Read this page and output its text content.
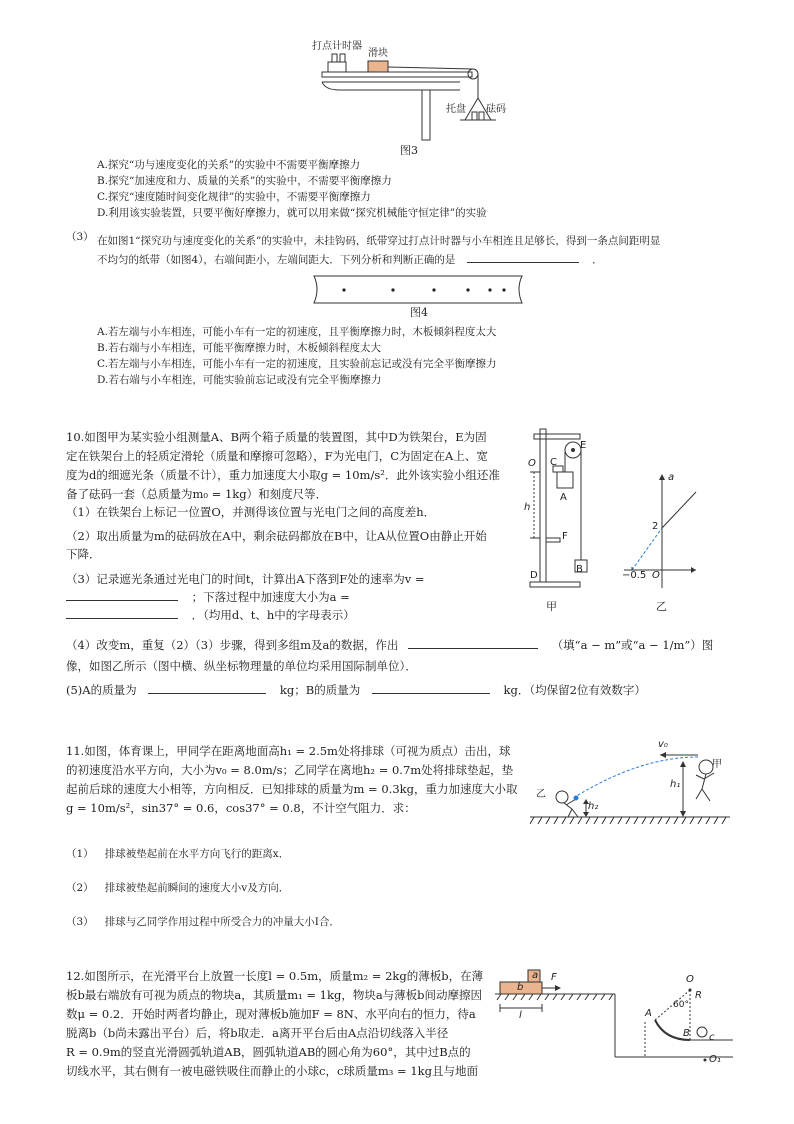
打点计时器
滑块
托盘 砝码
图3
A.探究“功与速度变化的关系”的实验中不需要平衡摩擦力
B.探究“加速度和力、质量的关系”的实验中，不需要平衡摩擦力
C.探究“速度随时间变化规律”的实验中，不需要平衡摩擦力
D.利用该实验装置，只要平衡好摩擦力，就可以用来做“探究机械能守恒定律”的实验
（3） 在如图1“探究功与速度变化的关系”的实验中，未挂钩码，纸带穿过打点计时器与小车相连且足够长，得到一条点间距明显
不均匀的纸带（如图4），右端间距小，左端间距大．下列分析和判断正确的是	．
图4
A.若左端与小车相连，可能小车有一定的初速度，且平衡摩擦力时，木板倾斜程度太大
B.若右端与小车相连，可能平衡摩擦力时，木板倾斜程度太大
C.若左端与小车相连，可能小车有一定的初速度，且实验前忘记或没有完全平衡摩擦力
D.若右端与小车相连，可能实验前忘记或没有完全平衡摩擦力
10.如图甲为某实验小组测量A、B两个箱子质量的装置图，其中D为铁架台，E为固
定在铁架台上的轻质定滑轮（质量和摩擦可忽略），F为光电门，C为固定在A上、宽
度为d的细遮光条（质量不计），重力加速度大小取g = 10m/s²．此外该实验小组还准
备了砝码一套（总质量为m₀ = 1kg）和刻度尺等．
（1）在铁架台上标记一位置O，并测得该位置与光电门之间的高度差h．
（2）取出质量为m的砝码放在A中，剩余砝码都放在B中，让A从位置O由静止开始
下降．
（3）记录遮光条通过光电门的时间t，计算出A下落到F处的速率为v =
；下落过程中加速度大小为a =
．（均用d、t、h中的字母表示）
（4）改变m，重复（2）（3）步骤，得到多组m及a的数据，作出	（填“a − m”或“a − 1/m”）图
像，如图乙所示（图中横、纵坐标物理量的单位均采用国际制单位）．
(5)A的质量为	kg；B的质量为	kg．（均保留2位有效数字）
E
C
O
A
h
F
B
D
甲
a
2
−0.5 O
乙
11.如图，体育课上，甲同学在距离地面高h₁ = 2.5m处将排球（可视为质点）击出，球
的初速度沿水平方向，大小为v₀ = 8.0m/s；乙同学在离地h₂ = 0.7m处将排球垫起，垫
起前后球的速度大小相等，方向相反．已知排球的质量为m = 0.3kg，重力加速度大小取
g = 10m/s²，sin37° = 0.6，cos37° = 0.8，不计空气阻力．求：
v₀
甲
乙
h₁
h₂
（1） 排球被垫起前在水平方向飞行的距离x．
（2） 排球被垫起前瞬间的速度大小v及方向．
（3） 排球与乙同学作用过程中所受合力的冲量大小I合．
12.如图所示，在光滑平台上放置一长度l = 0.5m，质量m₂ = 2kg的薄板b，在薄
板b最右端放有可视为质点的物块a，其质量m₁ = 1kg，物块a与薄板b间动摩擦因
数μ = 0.2．开始时两者均静止，现对薄板b施加F = 8N、水平向右的恒力，待a
脱离b（b尚未露出平台）后，将b取走．a离开平台后由A点沿切线落入半径
R = 0.9m的竖直光滑圆弧轨道AB，圆弧轨道AB的圆心角为60°，其中过B点的
切线水平，其右侧有一被电磁铁吸住而静止的小球c，c球质量m₃ = 1kg且与地面
a
b
F
l
O
R
60°
A
B c
O₁
